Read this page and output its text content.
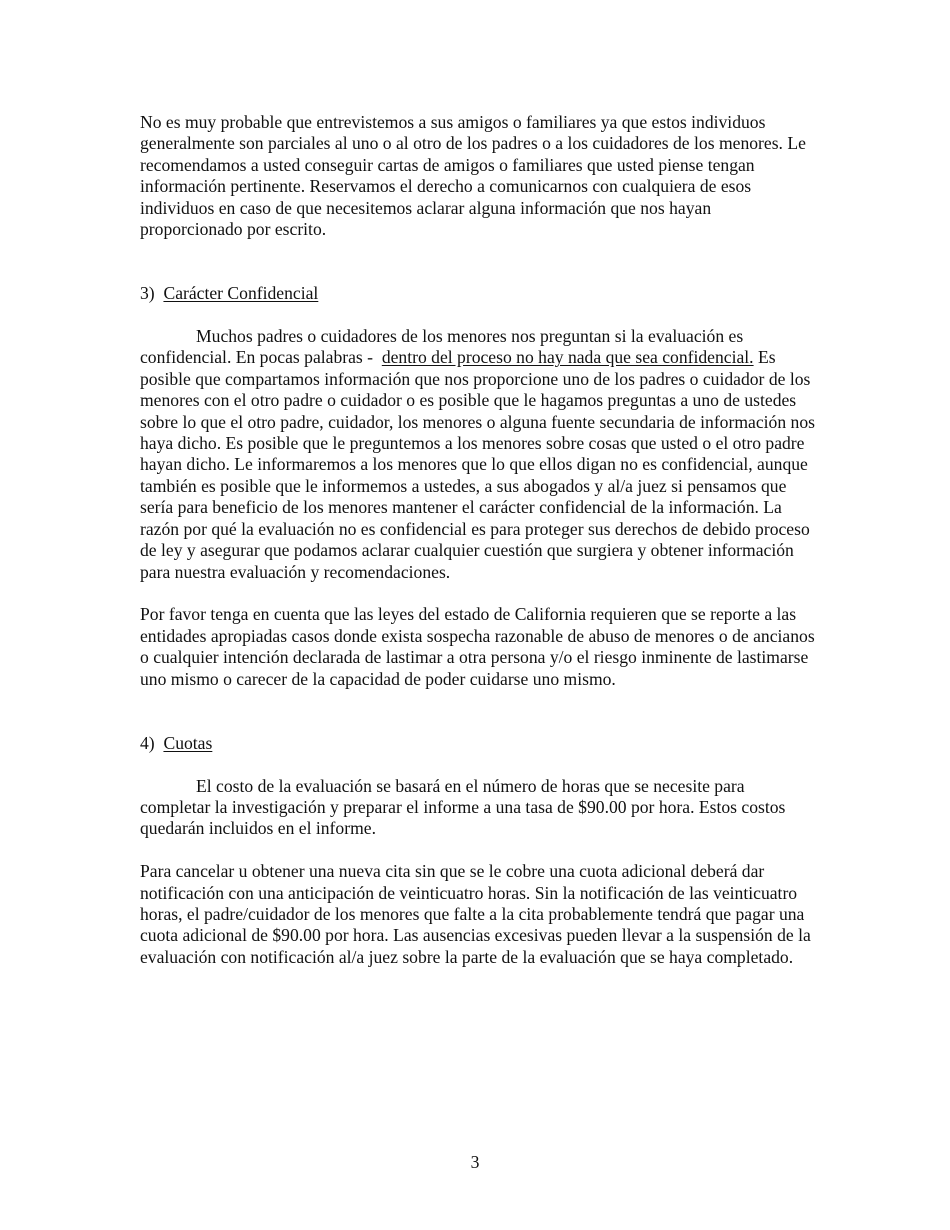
No es muy probable que entrevistemos a sus amigos o familiares ya que estos individuos generalmente son parciales al uno o al otro de los padres o a los cuidadores de los menores. Le recomendamos a usted conseguir cartas de amigos o familiares que usted piense tengan información pertinente. Reservamos el derecho a comunicarnos con cualquiera de esos individuos en caso de que necesitemos aclarar alguna información que nos hayan proporcionado por escrito.

3) Carácter Confidencial

Muchos padres o cuidadores de los menores nos preguntan si la evaluación es confidencial. En pocas palabras - dentro del proceso no hay nada que sea confidencial. Es posible que compartamos información que nos proporcione uno de los padres o cuidador de los menores con el otro padre o cuidador o es posible que le hagamos preguntas a uno de ustedes sobre lo que el otro padre, cuidador, los menores o alguna fuente secundaria de información nos haya dicho. Es posible que le preguntemos a los menores sobre cosas que usted o el otro padre hayan dicho. Le informaremos a los menores que lo que ellos digan no es confidencial, aunque también es posible que le informemos a ustedes, a sus abogados y al/a juez si pensamos que sería para beneficio de los menores mantener el carácter confidencial de la información. La razón por qué la evaluación no es confidencial es para proteger sus derechos de debido proceso de ley y asegurar que podamos aclarar cualquier cuestión que surgiera y obtener información para nuestra evaluación y recomendaciones.

Por favor tenga en cuenta que las leyes del estado de California requieren que se reporte a las entidades apropiadas casos donde exista sospecha razonable de abuso de menores o de ancianos o cualquier intención declarada de lastimar a otra persona y/o el riesgo inminente de lastimarse uno mismo o carecer de la capacidad de poder cuidarse uno mismo.

4) Cuotas

El costo de la evaluación se basará en el número de horas que se necesite para completar la investigación y preparar el informe a una tasa de $90.00 por hora. Estos costos quedarán incluidos en el informe.

Para cancelar u obtener una nueva cita sin que se le cobre una cuota adicional deberá dar notificación con una anticipación de veinticuatro horas. Sin la notificación de las veinticuatro horas, el padre/cuidador de los menores que falte a la cita probablemente tendrá que pagar una cuota adicional de $90.00 por hora. Las ausencias excesivas pueden llevar a la suspensión de la evaluación con notificación al/a juez sobre la parte de la evaluación que se haya completado.

3
